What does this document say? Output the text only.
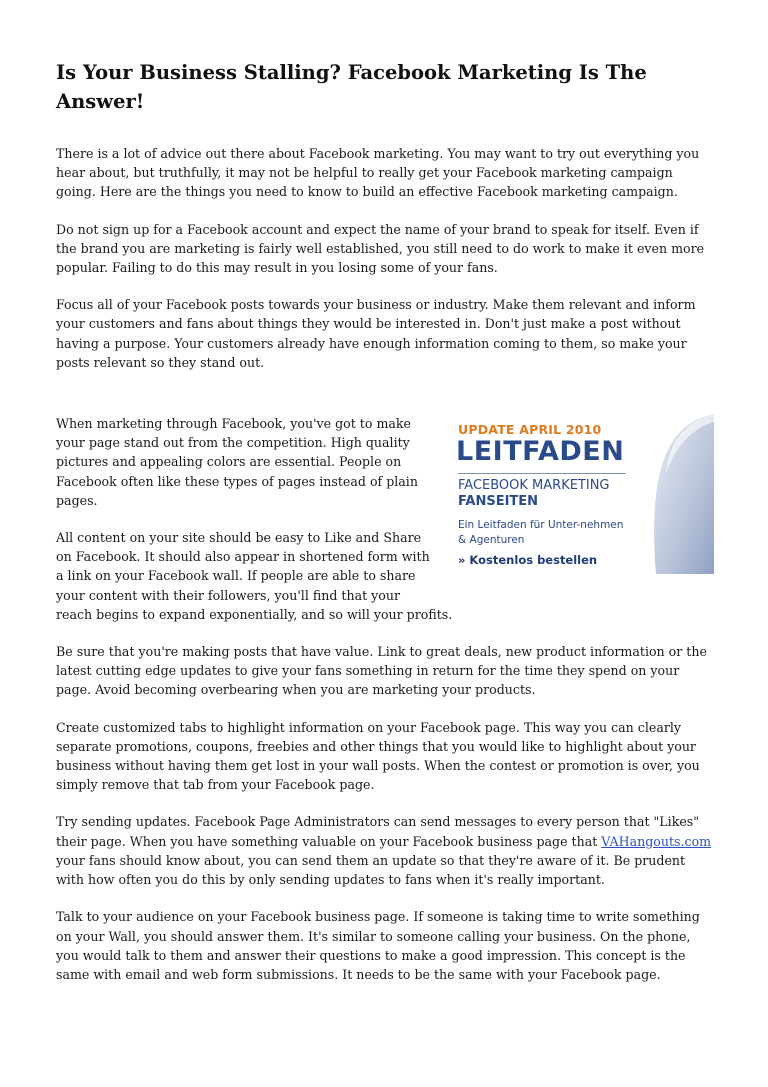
Is Your Business Stalling? Facebook Marketing Is The Answer!

There is a lot of advice out there about Facebook marketing. You may want to try out everything you hear about, but truthfully, it may not be helpful to really get your Facebook marketing campaign going. Here are the things you need to know to build an effective Facebook marketing campaign.

Do not sign up for a Facebook account and expect the name of your brand to speak for itself. Even if the brand you are marketing is fairly well established, you still need to do work to make it even more popular. Failing to do this may result in you losing some of your fans.

Focus all of your Facebook posts towards your business or industry. Make them relevant and inform your customers and fans about things they would be interested in. Don't just make a post without having a purpose. Your customers already have enough information coming to them, so make your posts relevant so they stand out.

UPDATE APRIL 2010
LEITFADEN
FACEBOOK MARKETING
FANSEITEN
Ein Leitfaden für Unter-nehmen & Agenturen
» Kostenlos bestellen

When marketing through Facebook, you've got to make your page stand out from the competition. High quality pictures and appealing colors are essential. People on Facebook often like these types of pages instead of plain pages.

All content on your site should be easy to Like and Share on Facebook. It should also appear in shortened form with a link on your Facebook wall. If people are able to share your content with their followers, you'll find that your reach begins to expand exponentially, and so will your profits.

Be sure that you're making posts that have value. Link to great deals, new product information or the latest cutting edge updates to give your fans something in return for the time they spend on your page. Avoid becoming overbearing when you are marketing your products.

Create customized tabs to highlight information on your Facebook page. This way you can clearly separate promotions, coupons, freebies and other things that you would like to highlight about your business without having them get lost in your wall posts. When the contest or promotion is over, you simply remove that tab from your Facebook page.

Try sending updates. Facebook Page Administrators can send messages to every person that "Likes" their page. When you have something valuable on your Facebook business page that VAHangouts.com your fans should know about, you can send them an update so that they're aware of it. Be prudent with how often you do this by only sending updates to fans when it's really important.

Talk to your audience on your Facebook business page. If someone is taking time to write something on your Wall, you should answer them. It's similar to someone calling your business. On the phone, you would talk to them and answer their questions to make a good impression. This concept is the same with email and web form submissions. It needs to be the same with your Facebook page.
